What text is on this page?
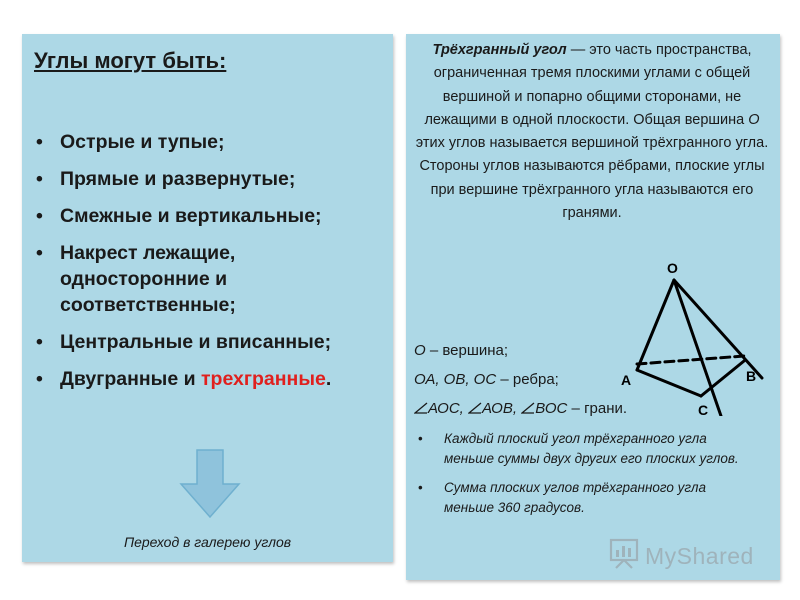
Углы могут быть:
• Острые и тупые;
• Прямые и развернутые;
• Смежные и вертикальные;
• Накрест лежащие, односторонние и соответственные;
• Центральные и вписанные;
• Двугранные и трехгранные.
Переход в галерею углов
Трёхгранный угол — это часть пространства, ограниченная тремя плоскими углами с общей вершиной и попарно общими сторонами, не лежащими в одной плоскости. Общая вершина О этих углов называется вершиной трёхгранного угла. Стороны углов называются рёбрами, плоские углы при вершине трёхгранного угла называются его гранями.
O
A	B
C
О – вершина;
ОА, ОВ, ОС – ребра;
АОС, АОВ, ВОС – грани.
• Каждый плоский угол трёхгранного угла меньше суммы двух других его плоских углов.
• Сумма плоских углов трёхгранного угла меньше 360 градусов.
MyShared
